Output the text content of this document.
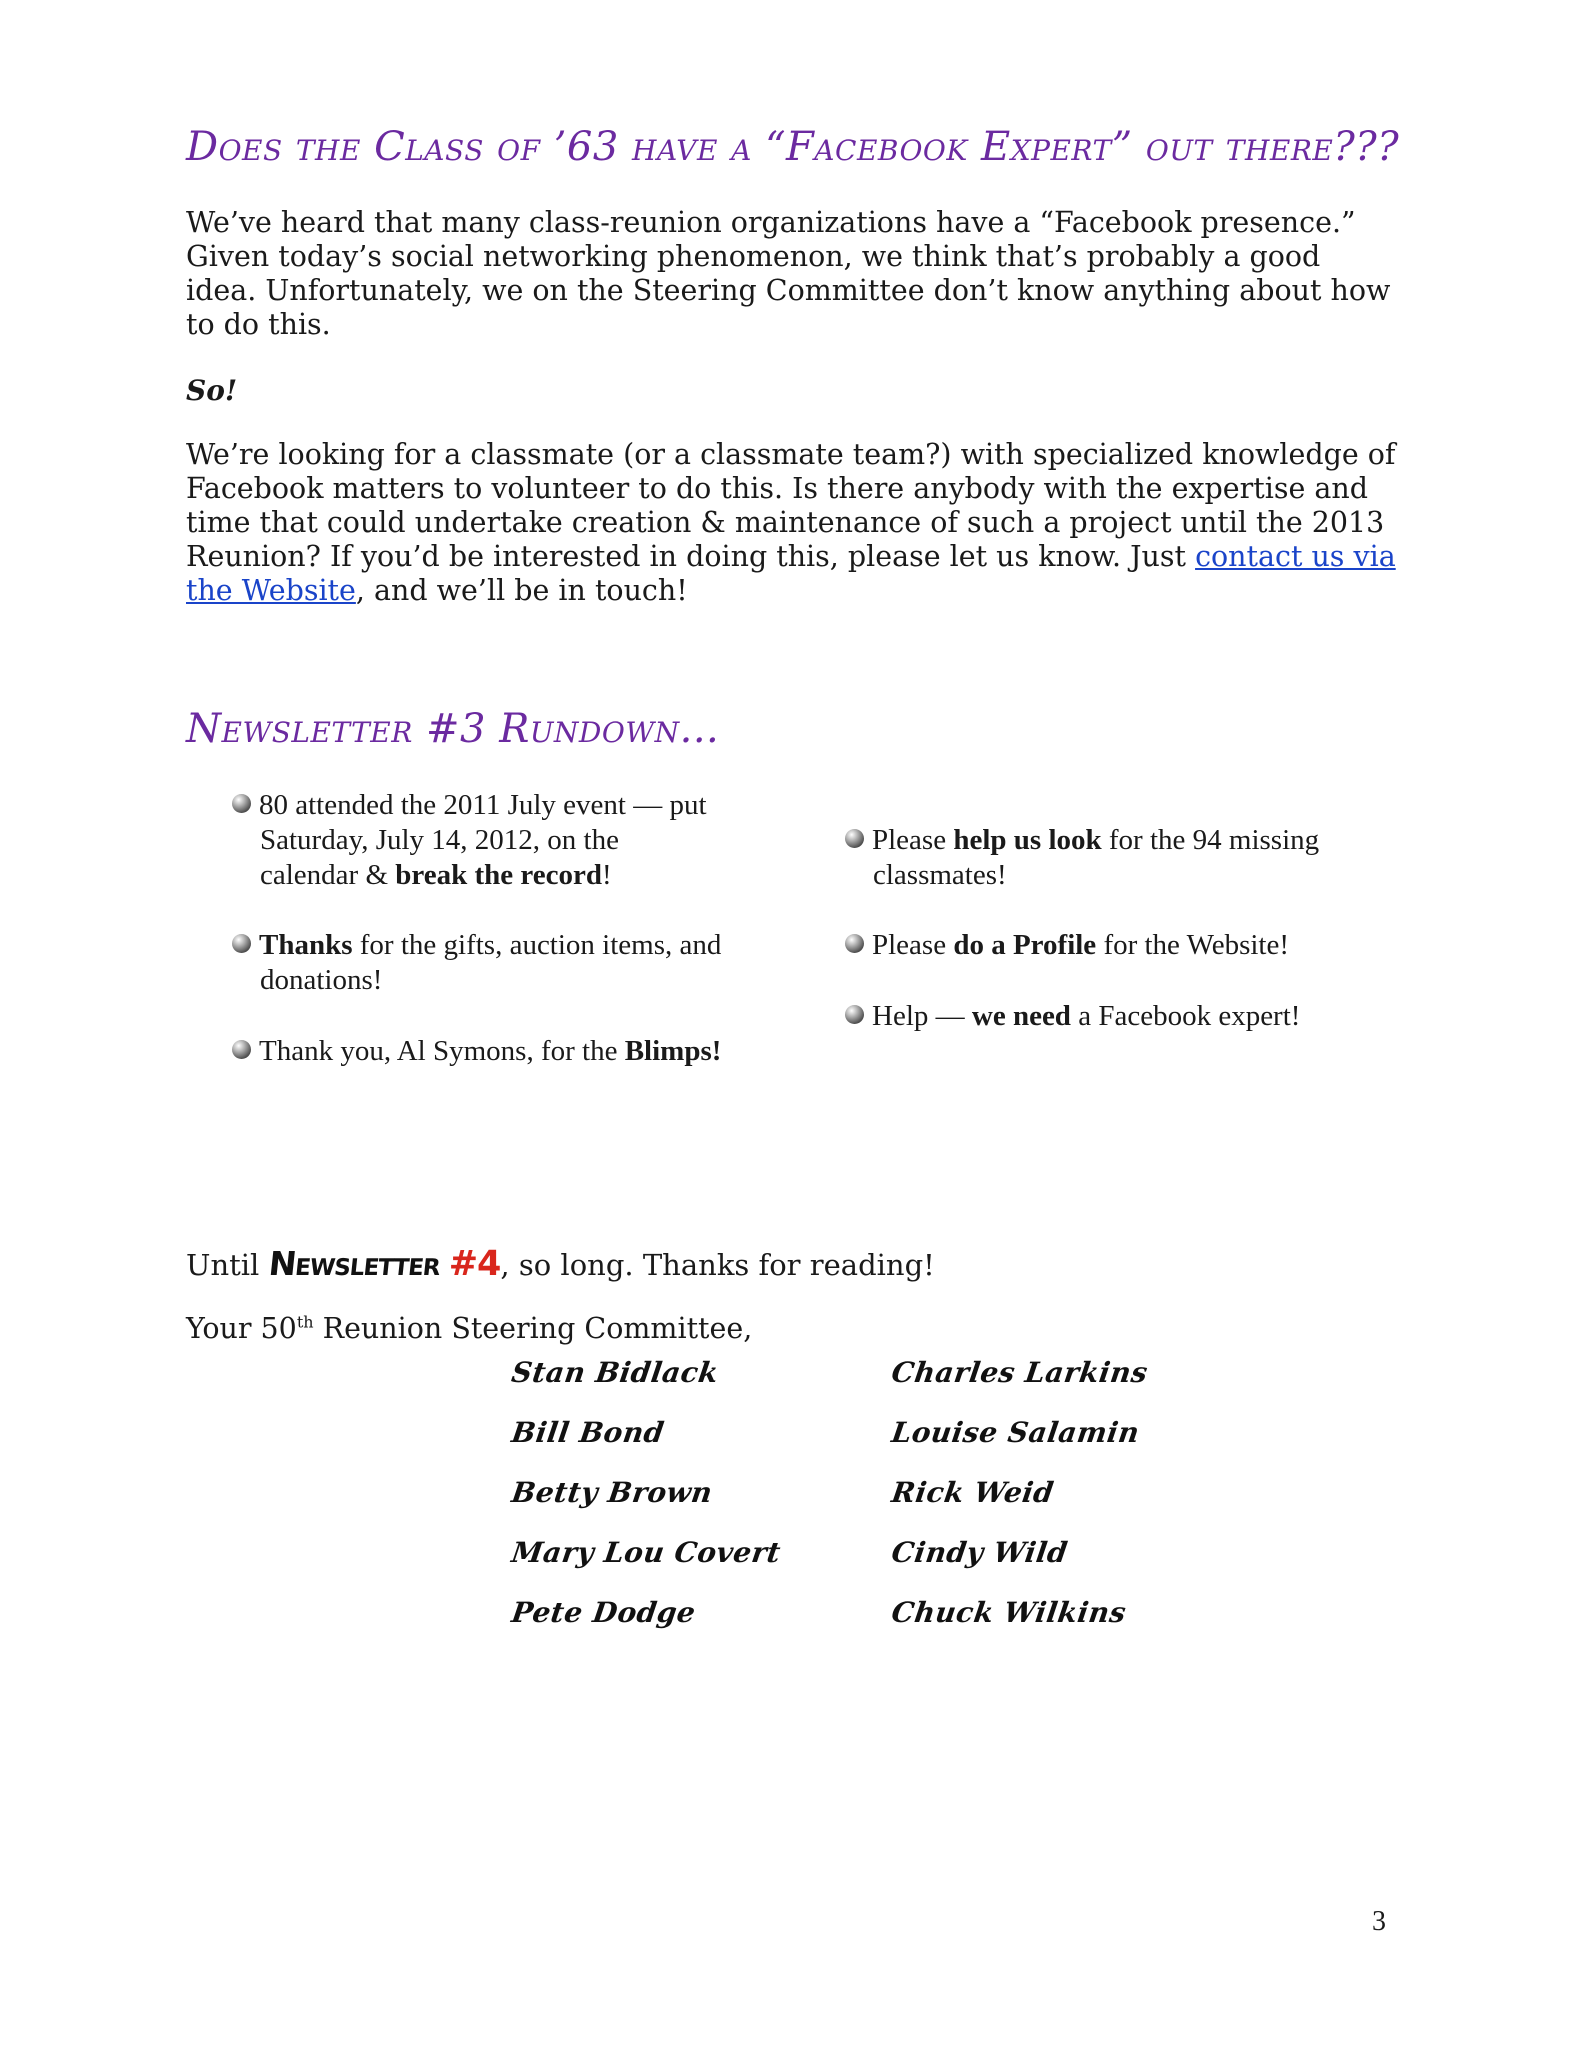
Does the Class of ’63 have a “Facebook Expert” out there???

We’ve heard that many class-reunion organizations have a “Facebook presence.” Given today’s social networking phenomenon, we think that’s probably a good idea. Unfortunately, we on the Steering Committee don’t know anything about how to do this.

So!

We’re looking for a classmate (or a classmate team?) with specialized knowledge of Facebook matters to volunteer to do this. Is there anybody with the expertise and time that could undertake creation & maintenance of such a project until the 2013 Reunion? If you’d be interested in doing this, please let us know. Just contact us via the Website, and we’ll be in touch!

Newsletter #3 Rundown...
80 attended the 2011 July event — put
Saturday, July 14, 2012, on the
calendar & break the record!
Thanks for the gifts, auction items, and
donations!
Thank you, Al Symons, for the Blimps!
Please help us look for the 94 missing
classmates!
Please do a Profile for the Website!
Help — we need a Facebook expert!

Until Newsletter #4, so long. Thanks for reading!

Your 50th Reunion Steering Committee,

Stan Bidlack
Bill Bond
Betty Brown
Mary Lou Covert
Pete Dodge
Charles Larkins
Louise Salamin
Rick Weid
Cindy Wild
Chuck Wilkins
3
